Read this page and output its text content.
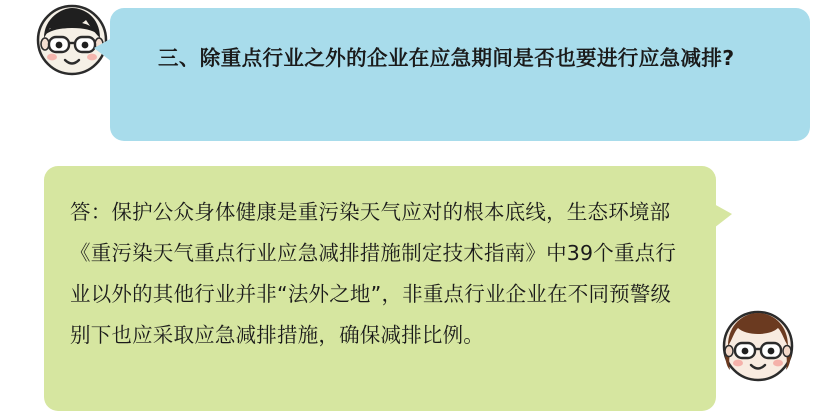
三、除重点行业之外的企业在应急期间是否也要进行应急减排?
答：保护公众身体健康是重污染天气应对的根本底线，生态环境部《重污染天气重点行业应急减排措施制定技术指南》中39个重点行业以外的其他行业并非“法外之地”，非重点行业企业在不同预警级别下也应采取应急减排措施，确保减排比例。
